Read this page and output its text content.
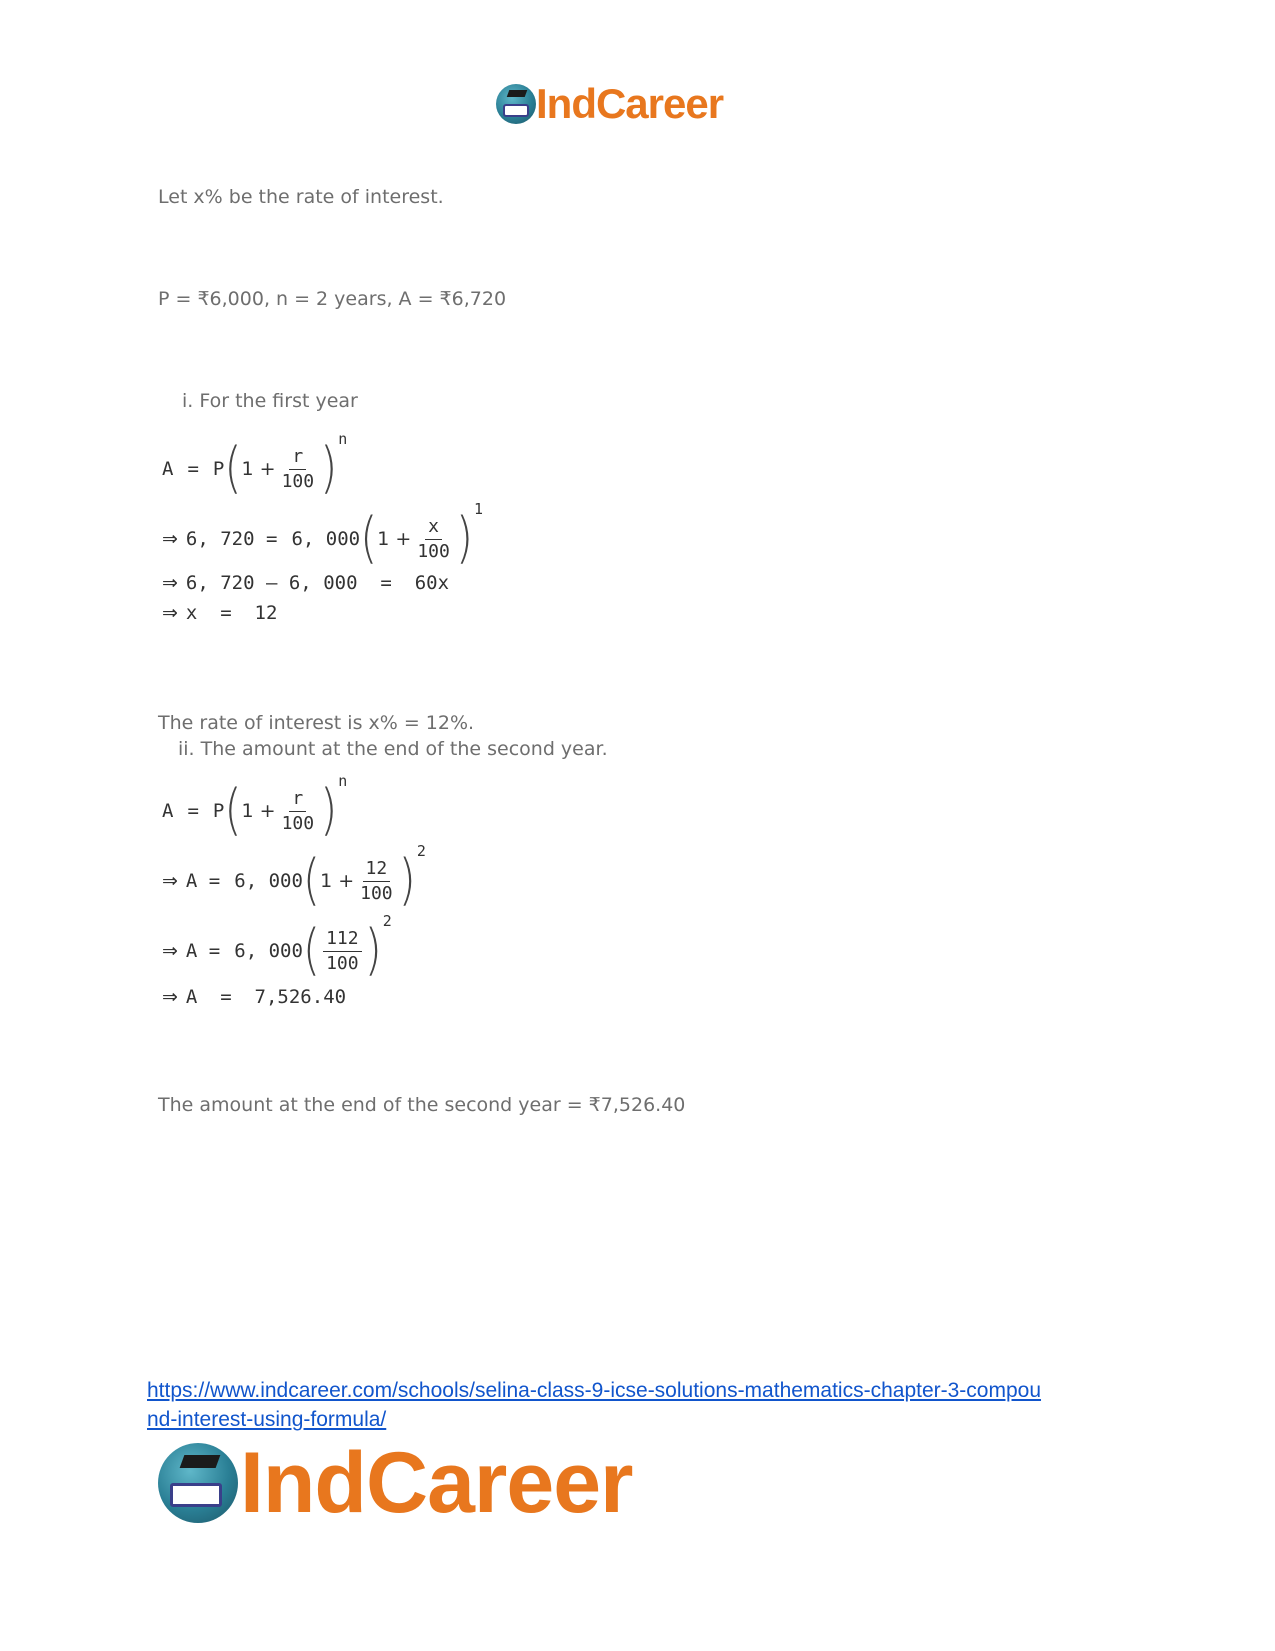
IndCareer
Let x% be the rate of interest.
P = ₹6,000, n = 2 years, A = ₹6,720
i. For the first year
A = P ( $1 + \frac{r}{100}$ ) n
⇒ 6, 720 = 6, 000 ( $1 + \frac{x}{100}$ ) 1
⇒ 6, 720 – 6, 000  =  60x
⇒ x  =  12
The rate of interest is x% = 12%.
ii. The amount at the end of the second year.
A = P ( $1 + \frac{r}{100}$ ) n
⇒ A = 6, 000 ( $1 + \frac{12}{100}$ ) 2
⇒ A = 6, 000 ( $\frac{112}{100}$ ) 2
⇒ A  =  7,526.40
The amount at the end of the second year = ₹7,526.40
https://www.indcareer.com/schools/selina-class-9-icse-solutions-mathematics-chapter-3-compou
nd-interest-using-formula/
IndCareer
